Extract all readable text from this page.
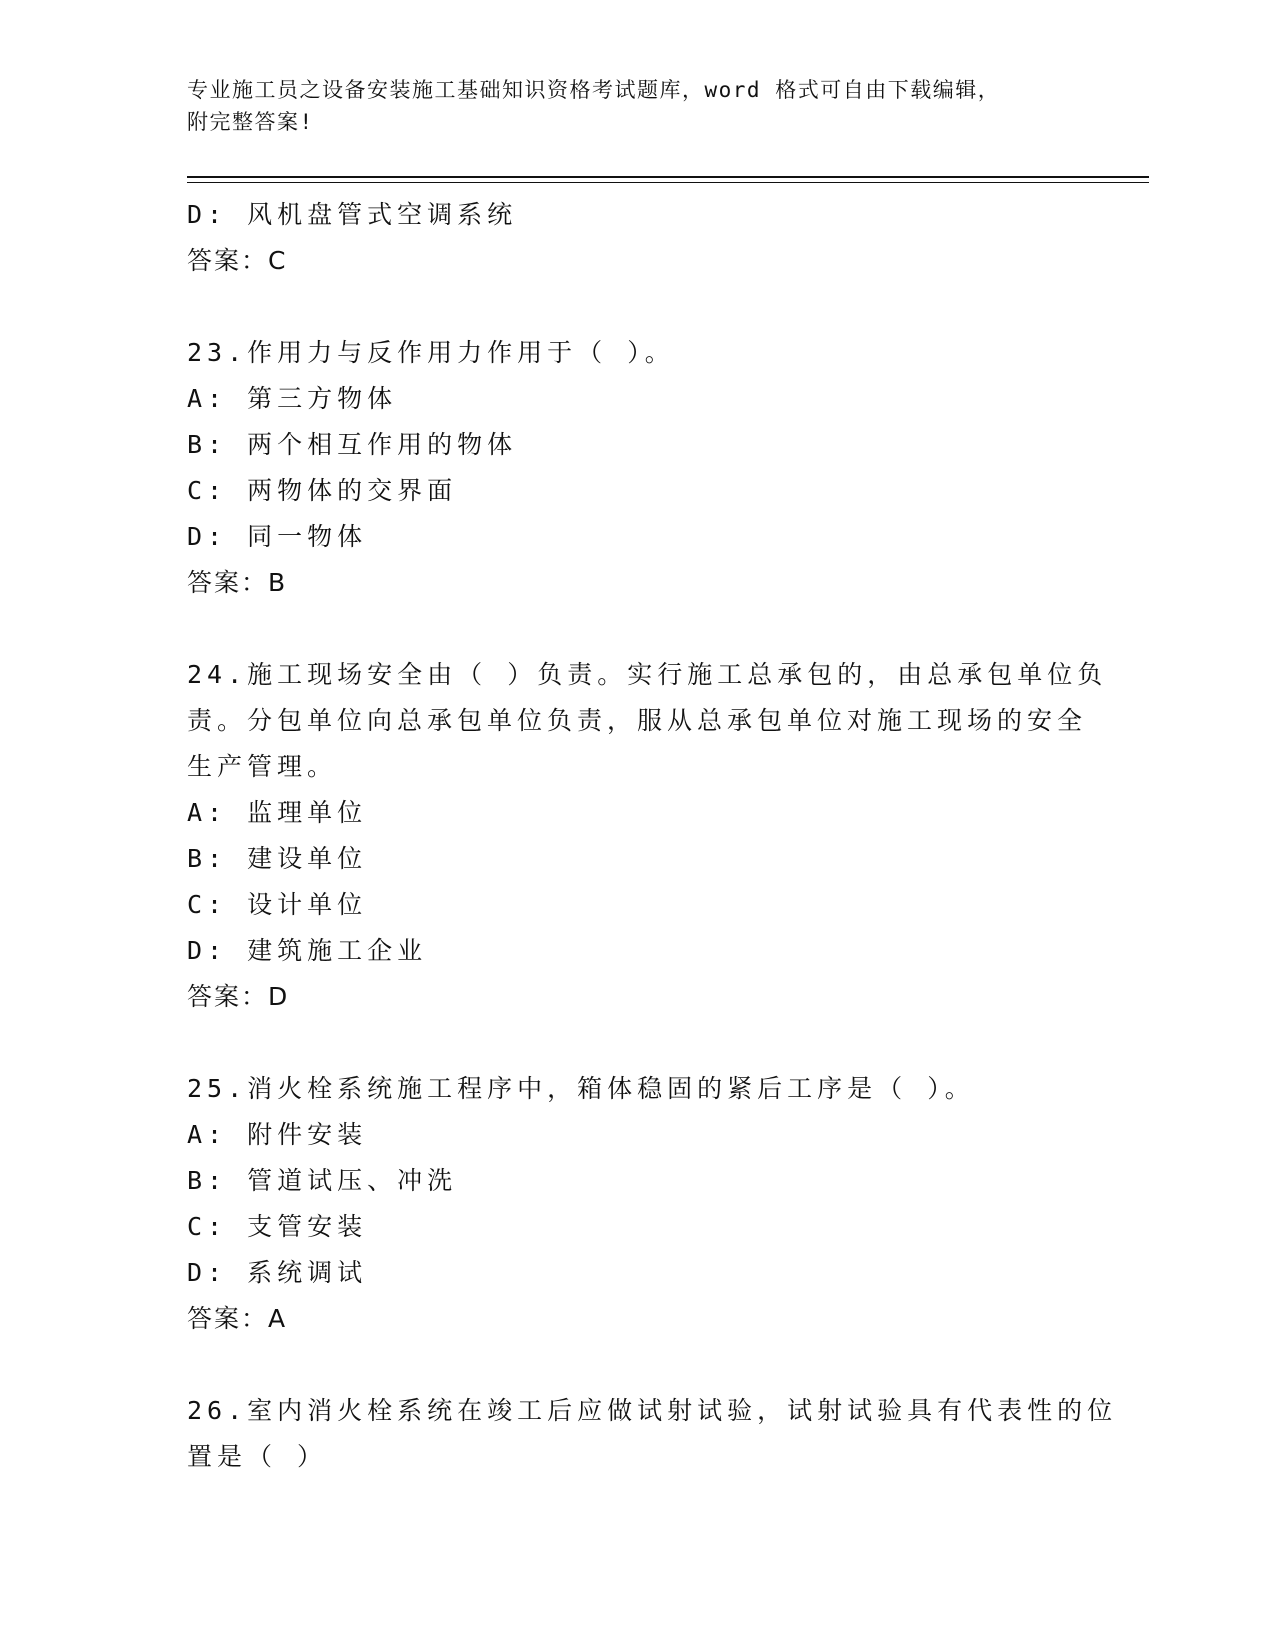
专业施工员之设备安装施工基础知识资格考试题库，word 格式可自由下载编辑，
附完整答案!
D: 风机盘管式空调系统
答案：C
23.作用力与反作用力作用于（ ）。
A: 第三方物体
B: 两个相互作用的物体
C: 两物体的交界面
D: 同一物体
答案：B
24.施工现场安全由（ ）负责。实行施工总承包的，由总承包单位负
责。分包单位向总承包单位负责，服从总承包单位对施工现场的安全
生产管理。
A: 监理单位
B: 建设单位
C: 设计单位
D: 建筑施工企业
答案：D
25.消火栓系统施工程序中，箱体稳固的紧后工序是（ ）。
A: 附件安装
B: 管道试压、冲洗
C: 支管安装
D: 系统调试
答案：A
26.室内消火栓系统在竣工后应做试射试验，试射试验具有代表性的位
置是（ ）
